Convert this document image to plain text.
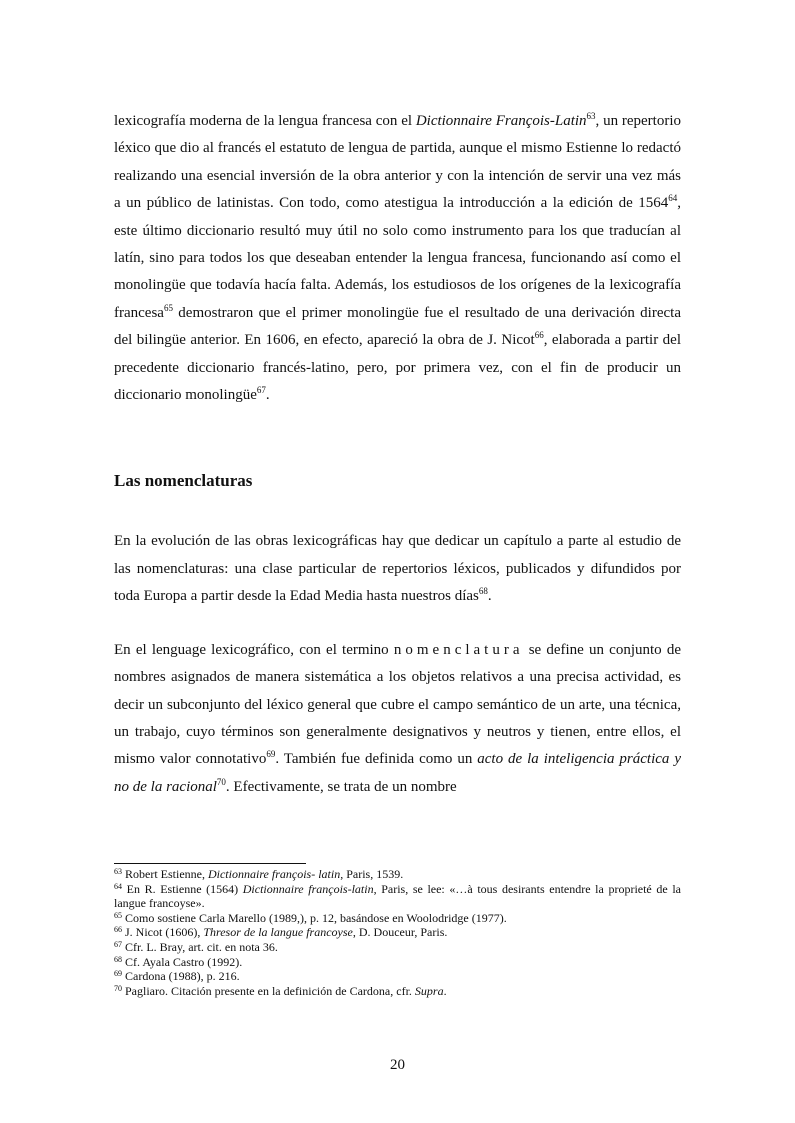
lexicografía moderna de la lengua francesa con el Dictionnaire François-Latin$^{63}$, un repertorio léxico que dio al francés el estatuto de lengua de partida, aunque el mismo Estienne lo redactó realizando una esencial inversión de la obra anterior y con la intención de servir una vez más a un público de latinistas. Con todo, como atestigua la introducción a la edición de 1564$^{64}$, este último diccionario resultó muy útil no solo como instrumento para los que traducían al latín, sino para todos los que deseaban entender la lengua francesa, funcionando así como el monolingüe que todavía hacía falta. Además, los estudiosos de los orígenes de la lexicografía francesa$^{65}$ demostraron que el primer monolingüe fue el resultado de una derivación directa del bilingüe anterior. En 1606, en efecto, apareció la obra de J. Nicot$^{66}$, elaborada a partir del precedente diccionario francés-latino, pero, por primera vez, con el fin de producir un diccionario monolingüe$^{67}$.

Las nomenclaturas

En la evolución de las obras lexicográficas hay que dedicar un capítulo a parte al estudio de las nomenclaturas: una clase particular de repertorios léxicos, publicados y difundidos por toda Europa a partir desde la Edad Media hasta nuestros días$^{68}$.

En el lenguage lexicográfico, con el termino nomenclatura se define un conjunto de nombres asignados de manera sistemática a los objetos relativos a una precisa actividad, es decir un subconjunto del léxico general que cubre el campo semántico de un arte, una técnica, un trabajo, cuyo términos son generalmente designativos y neutros y tienen, entre ellos, el mismo valor connotativo$^{69}$. También fue definida como un acto de la inteligencia práctica y no de la racional$^{70}$. Efectivamente, se trata de un nombre

$^{63}$ Robert Estienne, Dictionnaire françois- latin, Paris, 1539.

$^{64}$ En R. Estienne (1564) Dictionnaire françois-latin, Paris, se lee: «…à tous desirants entendre la proprieté de la langue francoyse».

$^{65}$ Como sostiene Carla Marello (1989,), p. 12, basándose en Woolodridge (1977).

$^{66}$ J. Nicot (1606), Thresor de la langue francoyse, D. Douceur, Paris.

$^{67}$ Cfr. L. Bray, art. cit. en nota 36.

$^{68}$ Cf. Ayala Castro (1992).

$^{69}$ Cardona (1988), p. 216.

$^{70}$ Pagliaro. Citación presente en la definición de Cardona, cfr. Supra.

20
